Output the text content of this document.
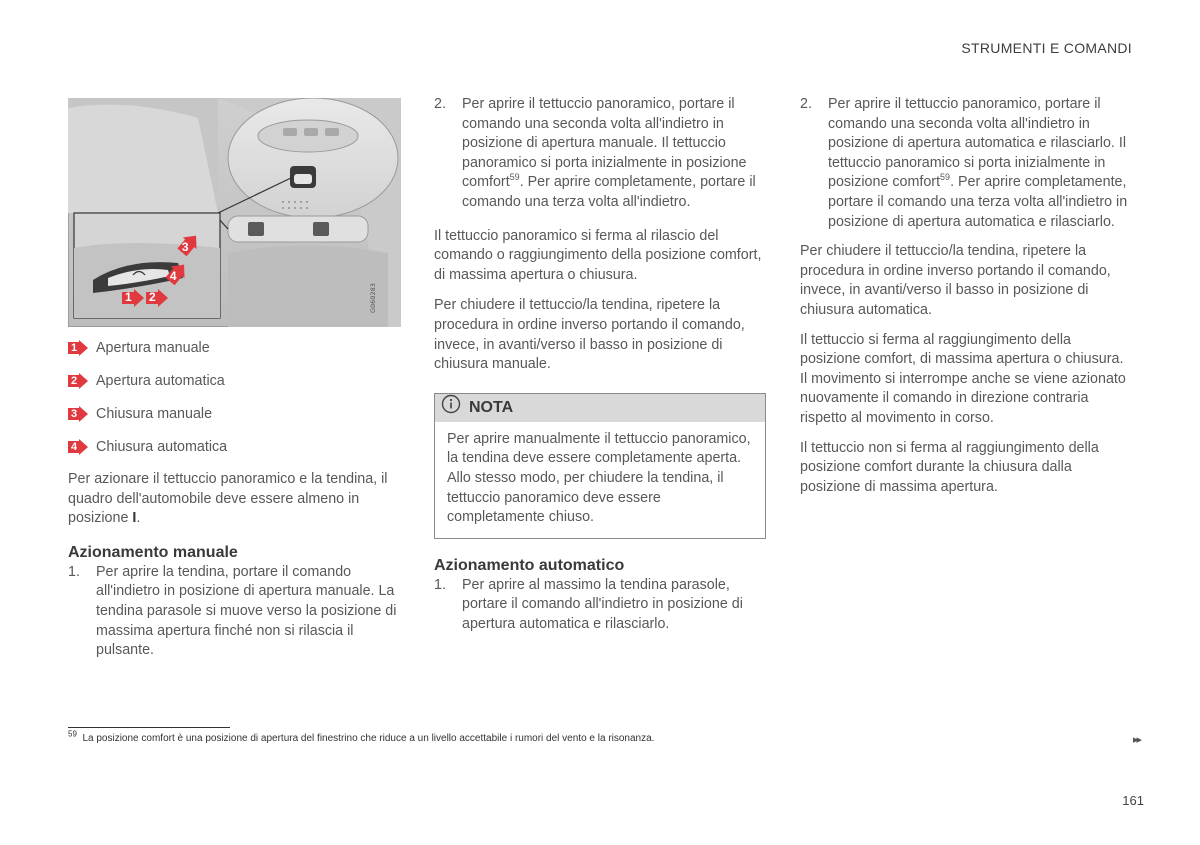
STRUMENTI E COMANDI
G060283
1 2
3
4
1 Apertura manuale
2 Apertura automatica
3 Chiusura manuale
4 Chiusura automatica

Per azionare il tettuccio panoramico e la tendina, il quadro dell'automobile deve essere almeno in posizione I.

Azionamento manuale
1. Per aprire la tendina, portare il comando all'indietro in posizione di apertura manuale. La tendina parasole si muove verso la posizione di massima apertura finché non si rilascia il pulsante.
2. Per aprire il tettuccio panoramico, portare il comando una seconda volta all'indietro in posizione di apertura manuale. Il tettuccio panoramico si porta inizialmente in posizione comfort$^{59}$. Per aprire completamente, portare il comando una terza volta all'indietro.

Il tettuccio panoramico si ferma al rilascio del comando o raggiungimento della posizione comfort, di massima apertura o chiusura.

Per chiudere il tettuccio/la tendina, ripetere la procedura in ordine inverso portando il comando, invece, in avanti/verso il basso in posizione di chiusura manuale.

NOTA
Per aprire manualmente il tettuccio panoramico, la tendina deve essere completamente aperta. Allo stesso modo, per chiudere la tendina, il tettuccio panoramico deve essere completamente chiuso.
Azionamento automatico
1. Per aprire al massimo la tendina parasole, portare il comando all'indietro in posizione di apertura automatica e rilasciarlo.
2. Per aprire il tettuccio panoramico, portare il comando una seconda volta all'indietro in posizione di apertura automatica e rilasciarlo. Il tettuccio panoramico si porta inizialmente in posizione comfort$^{59}$. Per aprire completamente, portare il comando una terza volta all'indietro in posizione di apertura automatica e rilasciarlo.

Per chiudere il tettuccio/la tendina, ripetere la procedura in ordine inverso portando il comando, invece, in avanti/verso il basso in posizione di chiusura automatica.

Il tettuccio si ferma al raggiungimento della posizione comfort, di massima apertura o chiusura. Il movimento si interrompe anche se viene azionato nuovamente il comando in direzione contraria rispetto al movimento in corso.

Il tettuccio non si ferma al raggiungimento della posizione comfort durante la chiusura dalla posizione di massima apertura.

$^{59}$ La posizione comfort è una posizione di apertura del finestrino che riduce a un livello accettabile i rumori del vento e la risonanza.	▸▸
161
